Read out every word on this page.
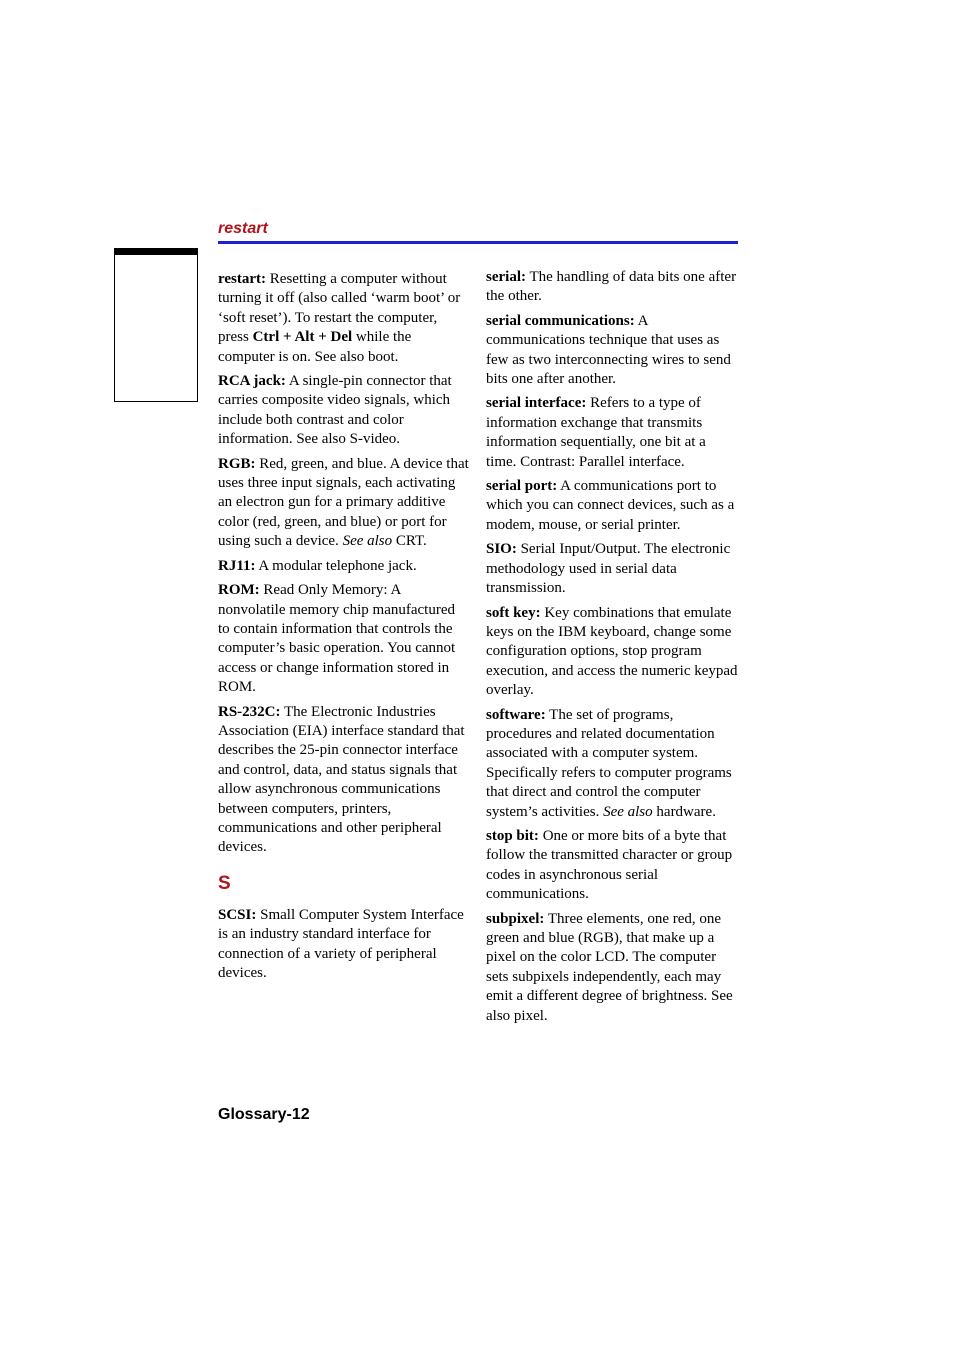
restart

restart: Resetting a computer without turning it off (also called ‘warm boot’ or ‘soft reset’). To restart the computer, press Ctrl + Alt + Del while the computer is on. See also boot.

RCA jack: A single-pin connector that carries composite video signals, which include both contrast and color information. See also S-video.

RGB: Red, green, and blue. A device that uses three input signals, each activating an electron gun for a primary additive color (red, green, and blue) or port for using such a device. See also CRT.

RJ11: A modular telephone jack.

ROM: Read Only Memory: A nonvolatile memory chip manufactured to contain information that controls the computer’s basic operation. You cannot access or change information stored in ROM.

RS-232C: The Electronic Industries Association (EIA) interface standard that describes the 25-pin connector interface and control, data, and status signals that allow asynchronous communications between computers, printers, communications and other peripheral devices.

S

SCSI: Small Computer System Interface is an industry standard interface for connection of a variety of peripheral devices.

serial: The handling of data bits one after the other.

serial communications: A communications technique that uses as few as two interconnecting wires to send bits one after another.

serial interface: Refers to a type of information exchange that transmits information sequentially, one bit at a time. Contrast: Parallel interface.

serial port: A communications port to which you can connect devices, such as a modem, mouse, or serial printer.

SIO: Serial Input/Output. The electronic methodology used in serial data transmission.

soft key: Key combinations that emulate keys on the IBM keyboard, change some configuration options, stop program execution, and access the numeric keypad overlay.

software: The set of programs, procedures and related documentation associated with a computer system. Specifically refers to computer programs that direct and control the computer system’s activities. See also hardware.

stop bit: One or more bits of a byte that follow the transmitted character or group codes in asynchronous serial communications.

subpixel: Three elements, one red, one green and blue (RGB), that make up a pixel on the color LCD. The computer sets subpixels independently, each may emit a different degree of brightness. See also pixel.

Glossary-12
